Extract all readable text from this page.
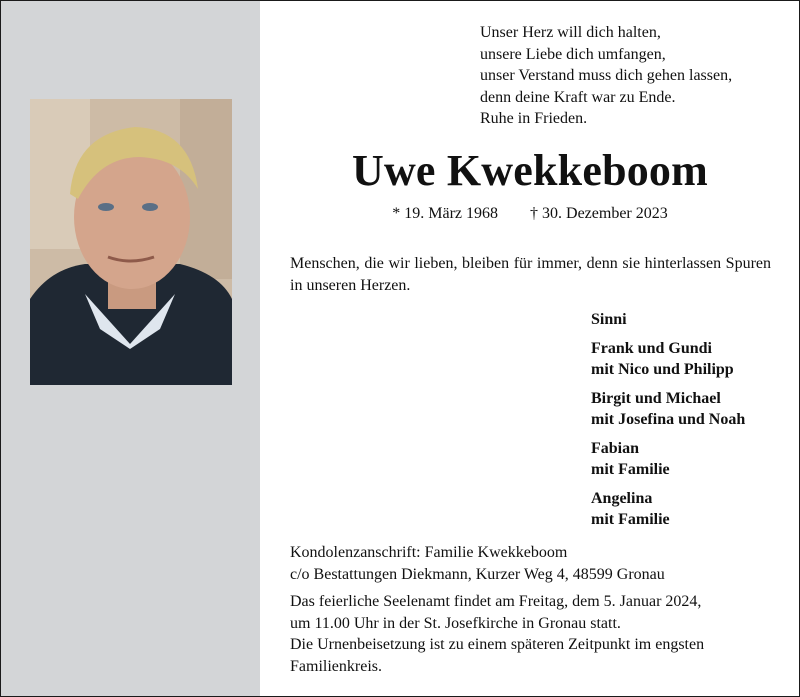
Unser Herz will dich halten,
unsere Liebe dich umfangen,
unser Verstand muss dich gehen lassen,
denn deine Kraft war zu Ende.
Ruhe in Frieden.
Uwe Kwekkeboom
* 19. März 1968 † 30. Dezember 2023
Menschen, die wir lieben, bleiben für immer, denn sie hinterlassen Spuren in unseren Herzen.
Sinni
Frank und Gundi
mit Nico und Philipp
Birgit und Michael
mit Josefina und Noah
Fabian
mit Familie
Angelina
mit Familie
Kondolenzanschrift: Familie Kwekkeboom
c/o Bestattungen Diekmann, Kurzer Weg 4, 48599 Gronau
Das feierliche Seelenamt findet am Freitag, dem 5. Januar 2024,
um 11.00 Uhr in der St. Josefkirche in Gronau statt.
Die Urnenbeisetzung ist zu einem späteren Zeitpunkt im engsten
Familienkreis.
